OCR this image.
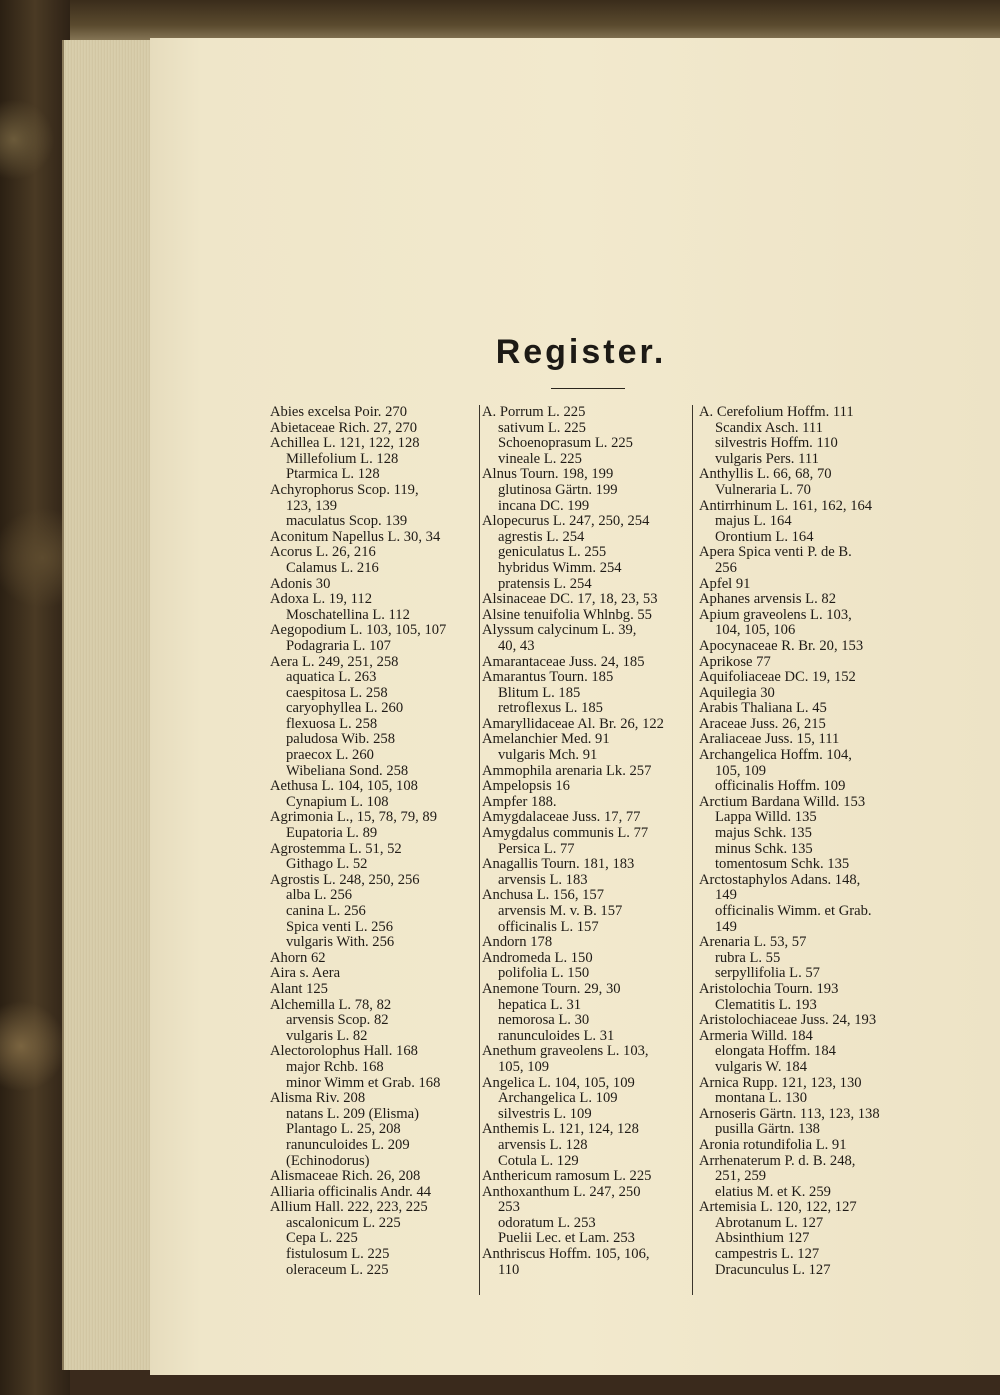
Register.
Abies excelsa Poir. 270
Abietaceae Rich. 27, 270
Achillea L. 121, 122, 128
Millefolium L. 128
Ptarmica L. 128
Achyrophorus Scop. 119,
123, 139
maculatus Scop. 139
Aconitum Napellus L. 30, 34
Acorus L. 26, 216
Calamus L. 216
Adonis 30
Adoxa L. 19, 112
Moschatellina L. 112
Aegopodium L. 103, 105, 107
Podagraria L. 107
Aera L. 249, 251, 258
aquatica L. 263
caespitosa L. 258
caryophyllea L. 260
flexuosa L. 258
paludosa Wib. 258
praecox L. 260
Wibeliana Sond. 258
Aethusa L. 104, 105, 108
Cynapium L. 108
Agrimonia L., 15, 78, 79, 89
Eupatoria L. 89
Agrostemma L. 51, 52
Githago L. 52
Agrostis L. 248, 250, 256
alba L. 256
canina L. 256
Spica venti L. 256
vulgaris With. 256
Ahorn 62
Aira s. Aera
Alant 125
Alchemilla L. 78, 82
arvensis Scop. 82
vulgaris L. 82
Alectorolophus Hall. 168
major Rchb. 168
minor Wimm et Grab. 168
Alisma Riv. 208
natans L. 209 (Elisma)
Plantago L. 25, 208
ranunculoides L. 209
(Echinodorus)
Alismaceae Rich. 26, 208
Alliaria officinalis Andr. 44
Allium Hall. 222, 223, 225
ascalonicum L. 225
Cepa L. 225
fistulosum L. 225
oleraceum L. 225
A. Porrum L. 225
sativum L. 225
Schoenoprasum L. 225
vineale L. 225
Alnus Tourn. 198, 199
glutinosa Gärtn. 199
incana DC. 199
Alopecurus L. 247, 250, 254
agrestis L. 254
geniculatus L. 255
hybridus Wimm. 254
pratensis L. 254
Alsinaceae DC. 17, 18, 23, 53
Alsine tenuifolia Whlnbg. 55
Alyssum calycinum L. 39,
40, 43
Amarantaceae Juss. 24, 185
Amarantus Tourn. 185
Blitum L. 185
retroflexus L. 185
Amaryllidaceae Al. Br. 26, 122
Amelanchier Med. 91
vulgaris Mch. 91
Ammophila arenaria Lk. 257
Ampelopsis 16
Ampfer 188.
Amygdalaceae Juss. 17, 77
Amygdalus communis L. 77
Persica L. 77
Anagallis Tourn. 181, 183
arvensis L. 183
Anchusa L. 156, 157
arvensis M. v. B. 157
officinalis L. 157
Andorn 178
Andromeda L. 150
polifolia L. 150
Anemone Tourn. 29, 30
hepatica L. 31
nemorosa L. 30
ranunculoides L. 31
Anethum graveolens L. 103,
105, 109
Angelica L. 104, 105, 109
Archangelica L. 109
silvestris L. 109
Anthemis L. 121, 124, 128
arvensis L. 128
Cotula L. 129
Anthericum ramosum L. 225
Anthoxanthum L. 247, 250
253
odoratum L. 253
Puelii Lec. et Lam. 253
Anthriscus Hoffm. 105, 106,
110
A. Cerefolium Hoffm. 111
Scandix Asch. 111
silvestris Hoffm. 110
vulgaris Pers. 111
Anthyllis L. 66, 68, 70
Vulneraria L. 70
Antirrhinum L. 161, 162, 164
majus L. 164
Orontium L. 164
Apera Spica venti P. de B.
256
Apfel 91
Aphanes arvensis L. 82
Apium graveolens L. 103,
104, 105, 106
Apocynaceae R. Br. 20, 153
Aprikose 77
Aquifoliaceae DC. 19, 152
Aquilegia 30
Arabis Thaliana L. 45
Araceae Juss. 26, 215
Araliaceae Juss. 15, 111
Archangelica Hoffm. 104,
105, 109
officinalis Hoffm. 109
Arctium Bardana Willd. 153
Lappa Willd. 135
majus Schk. 135
minus Schk. 135
tomentosum Schk. 135
Arctostaphylos Adans. 148,
149
officinalis Wimm. et Grab.
149
Arenaria L. 53, 57
rubra L. 55
serpyllifolia L. 57
Aristolochia Tourn. 193
Clematitis L. 193
Aristolochiaceae Juss. 24, 193
Armeria Willd. 184
elongata Hoffm. 184
vulgaris W. 184
Arnica Rupp. 121, 123, 130
montana L. 130
Arnoseris Gärtn. 113, 123, 138
pusilla Gärtn. 138
Aronia rotundifolia L. 91
Arrhenaterum P. d. B. 248,
251, 259
elatius M. et K. 259
Artemisia L. 120, 122, 127
Abrotanum L. 127
Absinthium 127
campestris L. 127
Dracunculus L. 127
